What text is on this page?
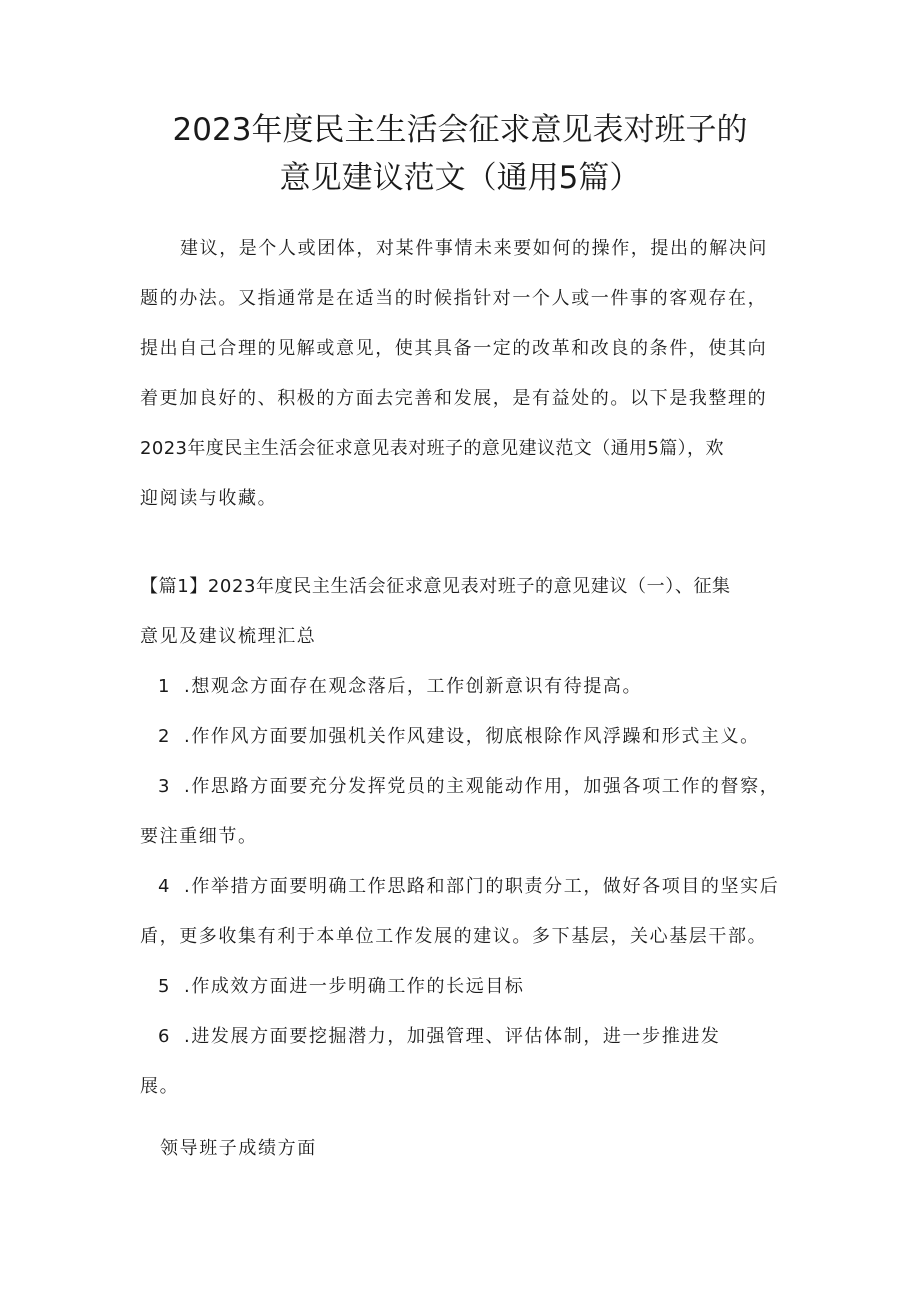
2023年度民主生活会征求意见表对班子的
意见建议范文（通用5篇）

建议，是个人或团体，对某件事情未来要如何的操作，提出的解决问

题的办法。又指通常是在适当的时候指针对一个人或一件事的客观存在，

提出自己合理的见解或意见，使其具备一定的改革和改良的条件，使其向

着更加良好的、积极的方面去完善和发展，是有益处的。以下是我整理的

2023年度民主生活会征求意见表对班子的意见建议范文（通用5篇），欢

迎阅读与收藏。

【篇1】2023年度民主生活会征求意见表对班子的意见建议（一）、征集

意见及建议梳理汇总

1 .想观念方面存在观念落后，工作创新意识有待提高。

2 .作作风方面要加强机关作风建设，彻底根除作风浮躁和形式主义。

3 .作思路方面要充分发挥党员的主观能动作用，加强各项工作的督察，

要注重细节。

4 .作举措方面要明确工作思路和部门的职责分工，做好各项目的坚实后

盾，更多收集有利于本单位工作发展的建议。多下基层，关心基层干部。

5 .作成效方面进一步明确工作的长远目标

6 .进发展方面要挖掘潜力，加强管理、评估体制，进一步推进发

展。

领导班子成绩方面
